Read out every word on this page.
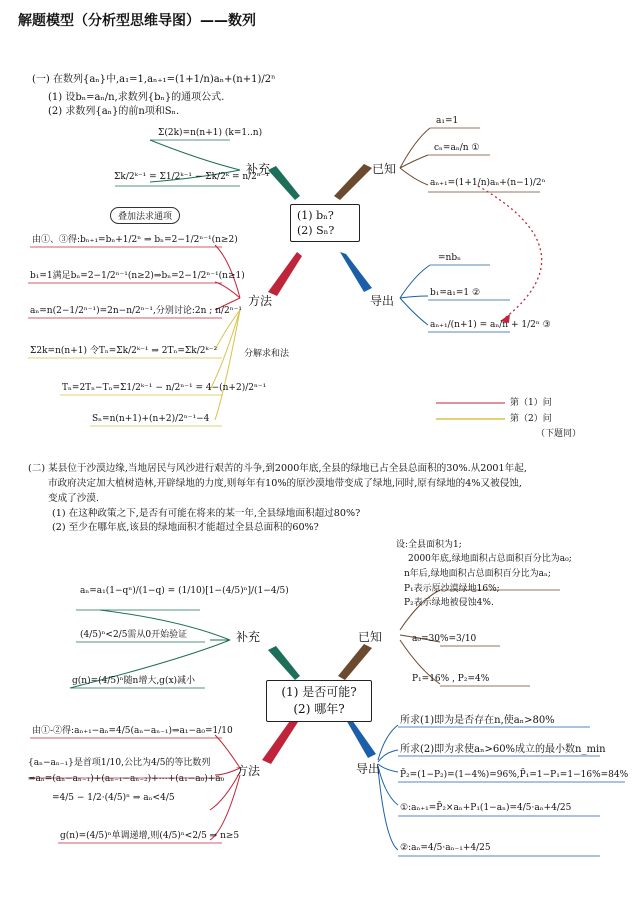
解题模型（分析型思维导图）——数列
(一) 在数列{aₙ}中,a₁=1,aₙ₊₁=(1+1/n)aₙ+(n+1)/2ⁿ
(1) 设bₙ=aₙ/n,求数列{bₙ}的通项公式.
(2) 求数列{aₙ}的前n项和Sₙ.
(1) bₙ?
(2) Sₙ?
补充	已知
方法	导出
叠加法求通项
分解求和法
Σ(2k)=n(n+1) (k=1..n)
Σk/2ᵏ⁻¹ = Σ1/2ᵏ⁻¹ − Σk/2ᵏ = n/2ⁿ⁻¹
a₁=1
cₙ=aₙ/n ①
aₙ₊₁=(1+1/n)aₙ+(n−1)/2ⁿ
=nbₙ
b₁=a₁=1 ②
aₙ₊₁/(n+1) = aₙ/n + 1/2ⁿ ③
由①、③得:bₙ₊₁=bₙ+1/2ⁿ ⇒ bₙ=2−1/2ⁿ⁻¹(n≥2)
b₁=1满足bₙ=2−1/2ⁿ⁻¹(n≥2)⇒bₙ=2−1/2ⁿ⁻¹(n≥1)
aₙ=n(2−1/2ⁿ⁻¹)=2n−n/2ⁿ⁻¹,分别讨论:2n ; n/2ⁿ⁻¹
Σ2k=n(n+1) 令Tₙ=Σk/2ᵏ⁻¹ ⇒ 2Tₙ=Σk/2ᵏ⁻²
Tₙ=2Tₙ−Tₙ=Σ1/2ᵏ⁻¹ − n/2ⁿ⁻¹ = 4−(n+2)/2ⁿ⁻¹
Sₙ=n(n+1)+(n+2)/2ⁿ⁻¹−4
第（1）问
第（2）问
（下题同）
(二) 某县位于沙漠边缘,当地居民与风沙进行艰苦的斗争,到2000年底,全县的绿地已占全县总面积的30%.从2001年起,
市政府决定加大植树造林,开辟绿地的力度,则每年有10%的原沙漠地带变成了绿地,同时,原有绿地的4%又被侵蚀,
变成了沙漠.
(1) 在这种政策之下,是否有可能在将来的某一年,全县绿地面积超过80%?
(2) 至少在哪年底,该县的绿地面积才能超过全县总面积的60%?
(1) 是否可能?
(2) 哪年?
补充	已知
方法	导出
设:全县面积为1;
2000年底,绿地面积占总面积百分比为a₀;
n年后,绿地面积占总面积百分比为aₙ;
P₁表示原沙漠绿地16%;
P₂表示绿地被侵蚀4%.
a₀=30%=3/10
P₁=16% , P₂=4%
aₙ=a₁(1−qⁿ)/(1−q) = (1/10)[1−(4/5)ⁿ]/(1−4/5)
(4/5)ⁿ<2/5需从0开始验证
g(n)=(4/5)ⁿ随n增大,g(x)减小
所求(1)即为是否存在n,使aₙ>80%
所求(2)即为求使aₙ>60%成立的最小数n_min
P̄₂=(1−P₂)=(1−4%)=96%,P̄₁=1−P₁=1−16%=84%
①:aₙ₊₁=P̄₂×aₙ+P₁(1−aₙ)=4/5·aₙ+4/25
②:aₙ=4/5·aₙ₋₁+4/25
由①-②得:aₙ₊₁−aₙ=4/5(aₙ−aₙ₋₁)⇒a₁−a₀=1/10
{aₙ−aₙ₋₁}是首项1/10,公比为4/5的等比数列
⇒aₙ=(aₙ−aₙ₋₁)+(aₙ₋₁−aₙ₋₂)+⋯+(a₁−a₀)+a₀
=4/5 − 1/2·(4/5)ⁿ ⇒ aₙ<4/5
g(n)=(4/5)ⁿ单调递增,则(4/5)ⁿ<2/5 ⇒ n≥5
